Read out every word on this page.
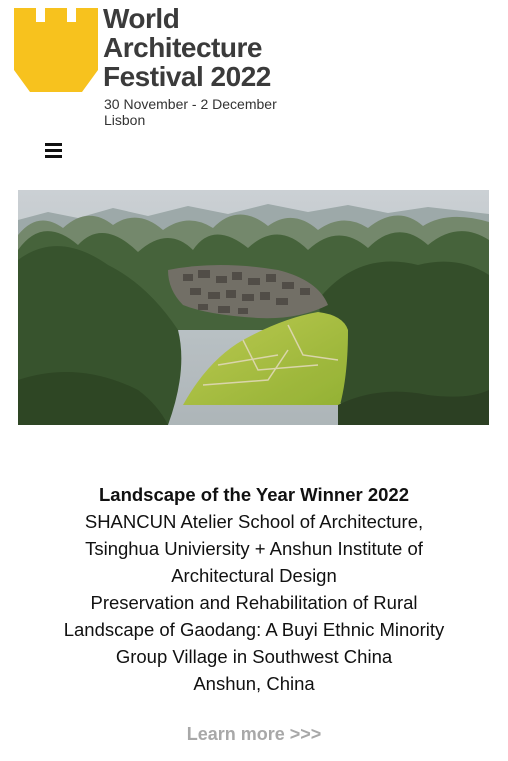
World
Architecture
Festival 2022
30 November - 2 December
Lisbon
Landscape of the Year Winner 2022
SHANCUN Atelier School of Architecture,
Tsinghua Univiersity + Anshun Institute of
Architectural Design
Preservation and Rehabilitation of Rural
Landscape of Gaodang: A Buyi Ethnic Minority
Group Village in Southwest China
Anshun, China
Learn more >>>
